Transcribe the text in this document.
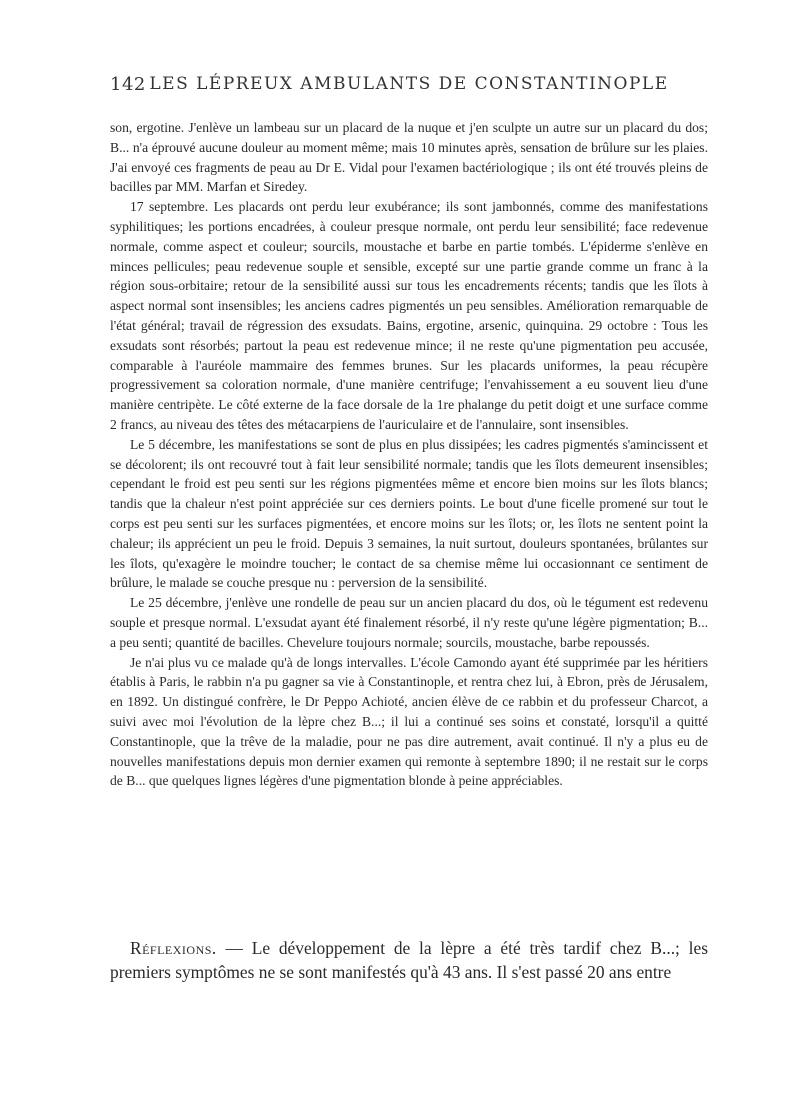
142 LES LÉPREUX AMBULANTS DE CONSTANTINOPLE

son, ergotine. J'enlève un lambeau sur un placard de la nuque et j'en sculpte un autre sur un placard du dos; B... n'a éprouvé aucune douleur au moment même; mais 10 minutes après, sensation de brûlure sur les plaies. J'ai envoyé ces fragments de peau au Dr E. Vidal pour l'examen bactériologique ; ils ont été trouvés pleins de bacilles par MM. Marfan et Siredey.

17 septembre. Les placards ont perdu leur exubérance; ils sont jambonnés, comme des manifestations syphilitiques; les portions encadrées, à couleur presque normale, ont perdu leur sensibilité; face redevenue normale, comme aspect et couleur; sourcils, moustache et barbe en partie tombés. L'épiderme s'enlève en minces pellicules; peau redevenue souple et sensible, excepté sur une partie grande comme un franc à la région sous-orbitaire; retour de la sensibilité aussi sur tous les encadrements récents; tandis que les îlots à aspect normal sont insensibles; les anciens cadres pigmentés un peu sensibles. Amélioration remarquable de l'état général; travail de régression des exsudats. Bains, ergotine, arsenic, quinquina. 29 octobre : Tous les exsudats sont résorbés; partout la peau est redevenue mince; il ne reste qu'une pigmentation peu accusée, comparable à l'auréole mammaire des femmes brunes. Sur les placards uniformes, la peau récupère progressivement sa coloration normale, d'une manière centrifuge; l'envahissement a eu souvent lieu d'une manière centripète. Le côté externe de la face dorsale de la 1re phalange du petit doigt et une surface comme 2 francs, au niveau des têtes des métacarpiens de l'auriculaire et de l'annulaire, sont insensibles.

Le 5 décembre, les manifestations se sont de plus en plus dissipées; les cadres pigmentés s'amincissent et se décolorent; ils ont recouvré tout à fait leur sensibilité normale; tandis que les îlots demeurent insensibles; cependant le froid est peu senti sur les régions pigmentées même et encore bien moins sur les îlots blancs; tandis que la chaleur n'est point appréciée sur ces derniers points. Le bout d'une ficelle promené sur tout le corps est peu senti sur les surfaces pigmentées, et encore moins sur les îlots; or, les îlots ne sentent point la chaleur; ils apprécient un peu le froid. Depuis 3 semaines, la nuit surtout, douleurs spontanées, brûlantes sur les îlots, qu'exagère le moindre toucher; le contact de sa chemise même lui occasionnant ce sentiment de brûlure, le malade se couche presque nu : perversion de la sensibilité.

Le 25 décembre, j'enlève une rondelle de peau sur un ancien placard du dos, où le tégument est redevenu souple et presque normal. L'exsudat ayant été finalement résorbé, il n'y reste qu'une légère pigmentation; B... a peu senti; quantité de bacilles. Chevelure toujours normale; sourcils, moustache, barbe repoussés.

Je n'ai plus vu ce malade qu'à de longs intervalles. L'école Camondo ayant été supprimée par les héritiers établis à Paris, le rabbin n'a pu gagner sa vie à Constantinople, et rentra chez lui, à Ebron, près de Jérusalem, en 1892. Un distingué confrère, le Dr Peppo Achioté, ancien élève de ce rabbin et du professeur Charcot, a suivi avec moi l'évolution de la lèpre chez B...; il lui a continué ses soins et constaté, lorsqu'il a quitté Constantinople, que la trêve de la maladie, pour ne pas dire autrement, avait continué. Il n'y a plus eu de nouvelles manifestations depuis mon dernier examen qui remonte à septembre 1890; il ne restait sur le corps de B... que quelques lignes légères d'une pigmentation blonde à peine appréciables.

Réflexions. — Le développement de la lèpre a été très tardif chez B...; les premiers symptômes ne se sont manifestés qu'à 43 ans. Il s'est passé 20 ans entre
